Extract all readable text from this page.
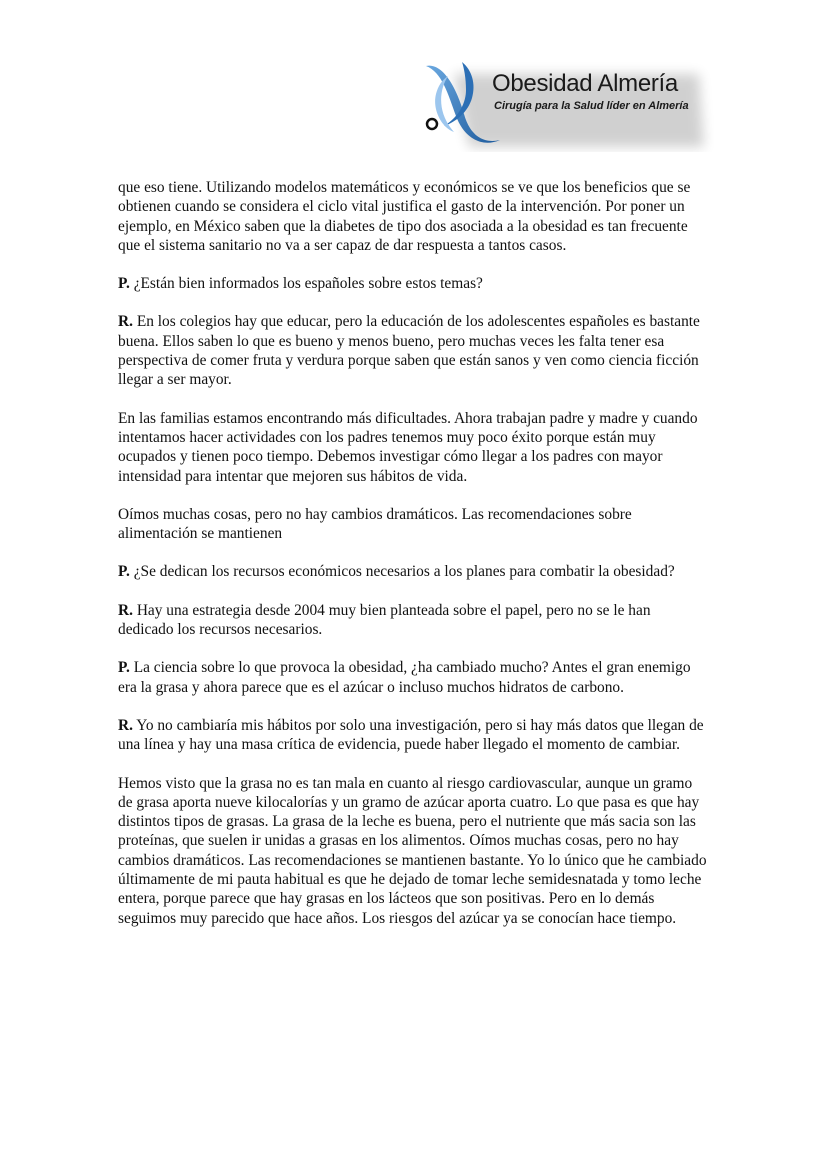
Obesidad Almería
Cirugía para la Salud líder en Almería

que eso tiene. Utilizando modelos matemáticos y económicos se ve que los beneficios que se obtienen cuando se considera el ciclo vital justifica el gasto de la intervención. Por poner un ejemplo, en México saben que la diabetes de tipo dos asociada a la obesidad es tan frecuente que el sistema sanitario no va a ser capaz de dar respuesta a tantos casos.

P. ¿Están bien informados los españoles sobre estos temas?

R. En los colegios hay que educar, pero la educación de los adolescentes españoles es bastante buena. Ellos saben lo que es bueno y menos bueno, pero muchas veces les falta tener esa perspectiva de comer fruta y verdura porque saben que están sanos y ven como ciencia ficción llegar a ser mayor.

En las familias estamos encontrando más dificultades. Ahora trabajan padre y madre y cuando intentamos hacer actividades con los padres tenemos muy poco éxito porque están muy ocupados y tienen poco tiempo. Debemos investigar cómo llegar a los padres con mayor intensidad para intentar que mejoren sus hábitos de vida.

Oímos muchas cosas, pero no hay cambios dramáticos. Las recomendaciones sobre alimentación se mantienen

P. ¿Se dedican los recursos económicos necesarios a los planes para combatir la obesidad?

R. Hay una estrategia desde 2004 muy bien planteada sobre el papel, pero no se le han dedicado los recursos necesarios.

P. La ciencia sobre lo que provoca la obesidad, ¿ha cambiado mucho? Antes el gran enemigo era la grasa y ahora parece que es el azúcar o incluso muchos hidratos de carbono.

R. Yo no cambiaría mis hábitos por solo una investigación, pero si hay más datos que llegan de una línea y hay una masa crítica de evidencia, puede haber llegado el momento de cambiar.

Hemos visto que la grasa no es tan mala en cuanto al riesgo cardiovascular, aunque un gramo de grasa aporta nueve kilocalorías y un gramo de azúcar aporta cuatro. Lo que pasa es que hay distintos tipos de grasas. La grasa de la leche es buena, pero el nutriente que más sacia son las proteínas, que suelen ir unidas a grasas en los alimentos. Oímos muchas cosas, pero no hay cambios dramáticos. Las recomendaciones se mantienen bastante. Yo lo único que he cambiado últimamente de mi pauta habitual es que he dejado de tomar leche semidesnatada y tomo leche entera, porque parece que hay grasas en los lácteos que son positivas. Pero en lo demás seguimos muy parecido que hace años. Los riesgos del azúcar ya se conocían hace tiempo.
